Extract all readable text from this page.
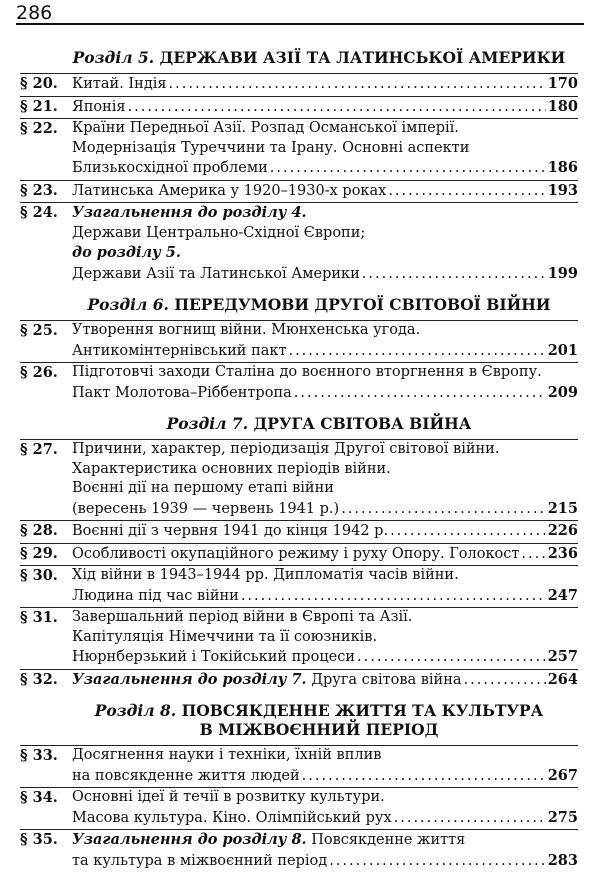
286
Розділ 5. ДЕРЖАВИ АЗІЇ ТА ЛАТИНСЬКОЇ АМЕРИКИ
§ 20. Китай. Індія .....	170
§ 21. Японія .....	180
§ 22. Країни Передньої Азії. Розпад Османської імперії.
Модернізація Туреччини та Ірану. Основні аспекти
Близькосхідної проблеми .....	186
§ 23. Латинська Америка у 1920–1930-х роках .....	193
§ 24. Узагальнення до розділу 4.
Держави Центрально-Східної Європи;
до розділу 5.
Держави Азії та Латинської Америки .....	199
Розділ 6. ПЕРЕДУМОВИ ДРУГОЇ СВІТОВОЇ ВІЙНИ
§ 25. Утворення вогнищ війни. Мюнхенська угода.
Антикомінтернівський пакт .....	201
§ 26. Підготовчі заходи Сталіна до воєнного вторгнення в Європу.
Пакт Молотова–Ріббентропа .....	209
Розділ 7. ДРУГА СВІТОВА ВІЙНА
§ 27. Причини, характер, періодизація Другої світової війни.
Характеристика основних періодів війни.
Воєнні дії на першому етапі війни
(вересень 1939 — червень 1941 р.) .....	215
§ 28. Воєнні дії з червня 1941 до кінця 1942 р. .....	226
§ 29. Особливості окупаційного режиму і руху Опору. Голокост ..... 236
§ 30. Хід війни в 1943–1944 рр. Дипломатія часів війни.
Людина під час війни .....	247
§ 31. Завершальний період війни в Європі та Азії.
Капітуляція Німеччини та її союзників.
Нюрнберзький і Токійський процеси .....	257
§ 32. Узагальнення до розділу 7. Друга світова війна .....	264
Розділ 8. ПОВСЯКДЕННЕ ЖИТТЯ ТА КУЛЬТУРА
В МІЖВОЄННИЙ ПЕРІОД
§ 33. Досягнення науки і техніки, їхній вплив
на повсякденне життя людей .....	267
§ 34. Основні ідеї й течії в розвитку культури.
Масова культура. Кіно. Олімпійський рух .....	275
§ 35. Узагальнення до розділу 8. Повсякденне життя
та культура в міжвоєнний період .....	283
